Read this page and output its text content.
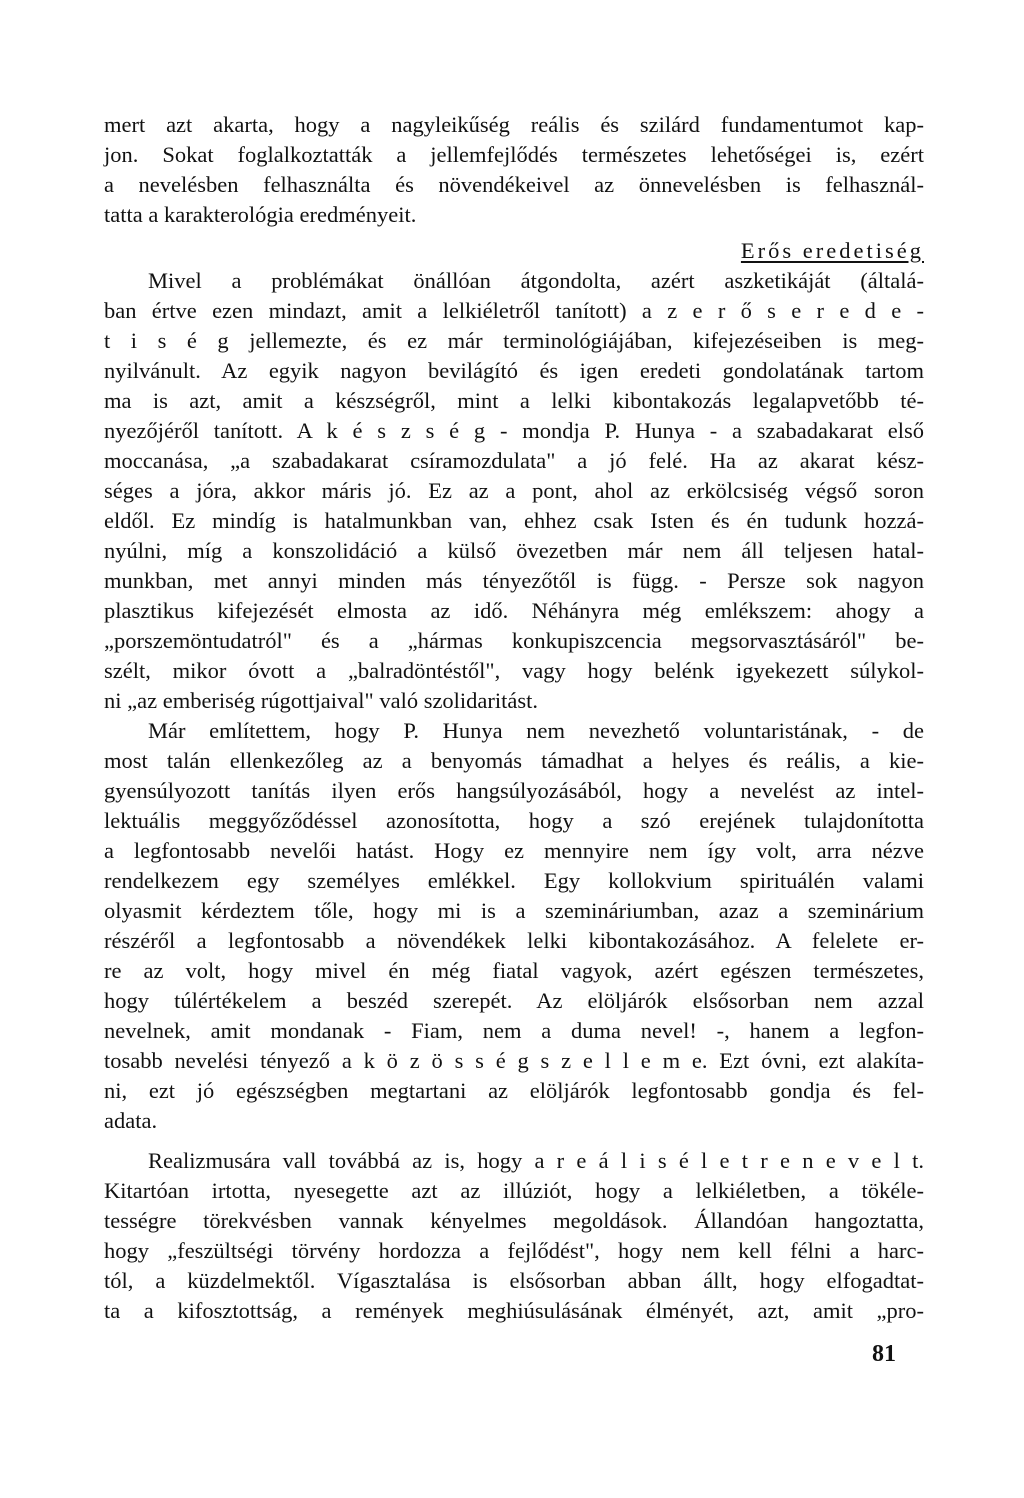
mert azt akarta, hogy a nagyleikűség reális és szilárd fundamentumot kap-
jon. Sokat foglalkoztatták a jellemfejlődés természetes lehetőségei is, ezért
a nevelésben felhasználta és növendékeivel az önnevelésben is felhasznál-
tatta a karakterológia eredményeit.
Erős eredetiség
Mivel a problémákat önállóan átgondolta, azért aszketikáját (általá-
ban értve ezen mindazt, amit a lelkiéletről tanított) a z e r ő s e r e d e -
t i s é g jellemezte, és ez már terminológiájában, kifejezéseiben is meg-
nyilvánult. Az egyik nagyon bevilágító és igen eredeti gondolatának tartom
ma is azt, amit a készségről, mint a lelki kibontakozás legalapvetőbb té-
nyezőjéről tanított. A k é s z s é g - mondja P. Hunya - a szabadakarat első
moccanása, „a szabadakarat csíramozdulata" a jó felé. Ha az akarat kész-
séges a jóra, akkor máris jó. Ez az a pont, ahol az erkölcsiség végső soron
eldől. Ez mindíg is hatalmunkban van, ehhez csak Isten és én tudunk hozzá-
nyúlni, míg a konszolidáció a külső övezetben már nem áll teljesen hatal-
munkban, met annyi minden más tényezőtől is függ. - Persze sok nagyon
plasztikus kifejezését elmosta az idő. Néhányra még emlékszem: ahogy a
„porszemöntudatról" és a „hármas konkupiszcencia megsorvasztásáról" be-
szélt, mikor óvott a „balradöntéstől", vagy hogy belénk igyekezett súlykol-
ni „az emberiség rúgottjaival" való szolidaritást.
Már említettem, hogy P. Hunya nem nevezhető voluntaristának, - de
most talán ellenkezőleg az a benyomás támadhat a helyes és reális, a kie-
gyensúlyozott tanítás ilyen erős hangsúlyozásából, hogy a nevelést az intel-
lektuális meggyőződéssel azonosította, hogy a szó erejének tulajdonította
a legfontosabb nevelői hatást. Hogy ez mennyire nem így volt, arra nézve
rendelkezem egy személyes emlékkel. Egy kollokvium spirituálén valami
olyasmit kérdeztem tőle, hogy mi is a szemináriumban, azaz a szeminárium
részéről a legfontosabb a növendékek lelki kibontakozásához. A felelete er-
re az volt, hogy mivel én még fiatal vagyok, azért egészen természetes,
hogy túlértékelem a beszéd szerepét. Az elöljárók elsősorban nem azzal
nevelnek, amit mondanak - Fiam, nem a duma nevel! -, hanem a legfon-
tosabb nevelési tényező a k ö z ö s s é g s z e l l e m e. Ezt óvni, ezt alakíta-
ni, ezt jó egészségben megtartani az elöljárók legfontosabb gondja és fel-
adata.
Realizmusára vall továbbá az is, hogy a r e á l i s é l e t r e n e v e l t.
Kitartóan irtotta, nyesegette azt az illúziót, hogy a lelkiéletben, a tökéle-
tességre törekvésben vannak kényelmes megoldások. Állandóan hangoztatta,
hogy „feszültségi törvény hordozza a fejlődést", hogy nem kell félni a harc-
tól, a küzdelmektől. Vígasztalása is elsősorban abban állt, hogy elfogadtat-
ta a kifosztottság, a remények meghiúsulásának élményét, azt, amit „pro-
81
